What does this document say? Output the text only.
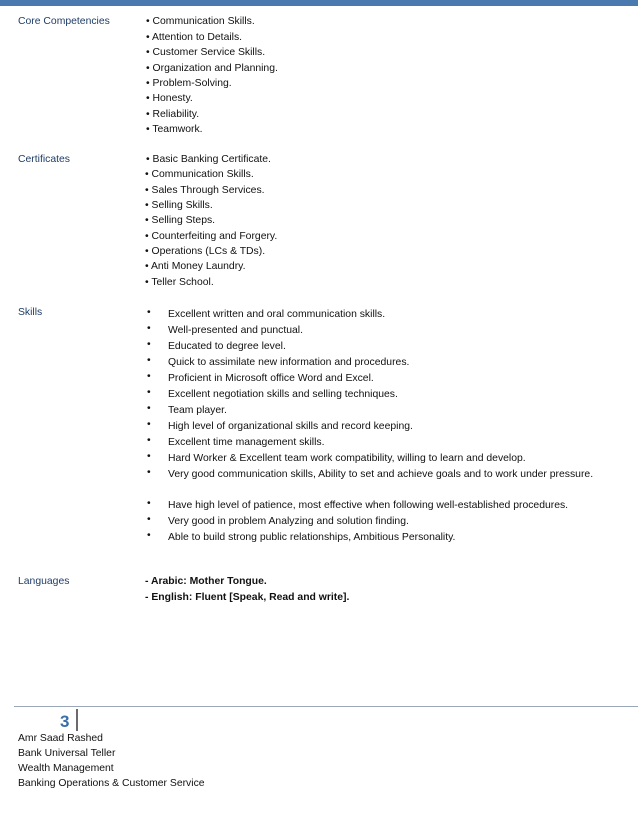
Core Competencies	• Communication Skills.
• Attention to Details.
• Customer Service Skills.
• Organization and Planning.
• Problem-Solving.
• Honesty.
• Reliability.
• Teamwork.
Certificates	• Basic Banking Certificate.
• Communication Skills.
• Sales Through Services.
• Selling Skills.
• Selling Steps.
• Counterfeiting and Forgery.
• Operations (LCs & TDs).
• Anti Money Laundry.
• Teller School.
Skills	• Excellent written and oral communication skills.
• Well-presented and punctual.
• Educated to degree level.
• Quick to assimilate new information and procedures.
• Proficient in Microsoft office Word and Excel.
• Excellent negotiation skills and selling techniques.
• Team player.
• High level of organizational skills and record keeping.
• Excellent time management skills.
• Hard Worker & Excellent team work compatibility, willing to learn and develop.
• Very good communication skills, Ability to set and achieve goals and to work under pressure.
• Have high level of patience, most effective when following well-established procedures.
• Very good in problem Analyzing and solution finding.
• Able to build strong public relationships, Ambitious Personality.
Languages	- Arabic: Mother Tongue.
- English: Fluent [Speak, Read and write].
3
Amr Saad Rashed
Bank Universal Teller
Wealth Management
Banking Operations & Customer Service
